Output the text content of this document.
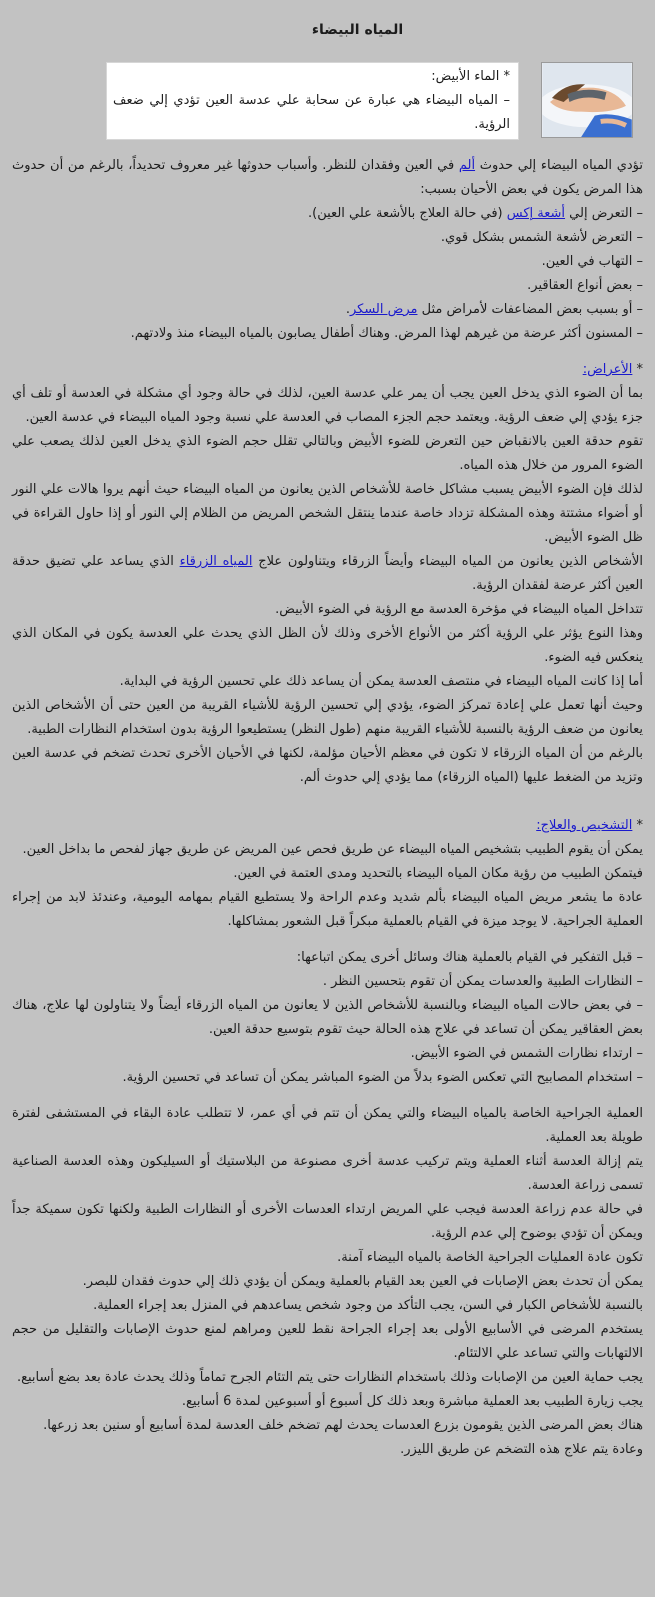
المياه البيضاء

* الماء الأبيض:

– المياه البيضاء هي عبارة عن سحابة علي عدسة العين تؤدي إلي ضعف الرؤية.

تؤدي المياه البيضاء إلي حدوث ألم في العين وفقدان للنظر. وأسباب حدوثها غير معروف تحديداً، بالرغم من أن حدوث هذا المرض يكون في بعض الأحيان بسبب:

– التعرض إلي أشعة إكس (في حالة العلاج بالأشعة علي العين).

– التعرض لأشعة الشمس بشكل قوي.

– التهاب في العين.

– بعض أنواع العقاقير.

– أو بسبب بعض المضاعفات لأمراض مثل مرض السكر.

– المسنون أكثر عرضة من غيرهم لهذا المرض. وهناك أطفال يصابون بالمياه البيضاء منذ ولادتهم.

* الأعراض:

بما أن الضوء الذي يدخل العين يجب أن يمر علي عدسة العين، لذلك في حالة وجود أي مشكلة في العدسة أو تلف أي جزء يؤدي إلي ضعف الرؤية. ويعتمد حجم الجزء المصاب في العدسة علي نسبة وجود المياه البيضاء في عدسة العين.

تقوم حدقة العين بالانقباض حين التعرض للضوء الأبيض وبالتالي تقلل حجم الضوء الذي يدخل العين لذلك يصعب علي الضوء المرور من خلال هذه المياه.

لذلك فإن الضوء الأبيض يسبب مشاكل خاصة للأشخاص الذين يعانون من المياه البيضاء حيث أنهم يروا هالات علي النور أو أضواء مشتتة وهذه المشكلة تزداد خاصة عندما ينتقل الشخص المريض من الظلام إلي النور أو إذا حاول القراءة في ظل الضوء الأبيض.

الأشخاص الذين يعانون من المياه البيضاء وأيضاً الزرقاء ويتناولون علاج المياه الزرقاء الذي يساعد علي تضيق حدقة العين أكثر عرضة لفقدان الرؤية.

تتداخل المياه البيضاء في مؤخرة العدسة مع الرؤية في الضوء الأبيض.

وهذا النوع يؤثر علي الرؤية أكثر من الأنواع الأخرى وذلك لأن الظل الذي يحدث علي العدسة يكون في المكان الذي ينعكس فيه الضوء.

أما إذا كانت المياه البيضاء في منتصف العدسة يمكن أن يساعد ذلك علي تحسين الرؤية في البداية.

وحيث أنها تعمل علي إعادة تمركز الضوء، يؤدي إلي تحسين الرؤية للأشياء القريبة من العين حتى أن الأشخاص الذين يعانون من ضعف الرؤية بالنسبة للأشياء القريبة منهم (طول النظر) يستطيعوا الرؤية بدون استخدام النظارات الطبية.

بالرغم من أن المياه الزرقاء لا تكون في معظم الأحيان مؤلمة، لكنها في الأحيان الأخرى تحدث تضخم في عدسة العين وتزيد من الضغط عليها (المياه الزرقاء) مما يؤدي إلي حدوث ألم.

* التشخيص والعلاج:

يمكن أن يقوم الطبيب بتشخيص المياه البيضاء عن طريق فحص عين المريض عن طريق جهاز لفحص ما بداخل العين.

فيتمكن الطبيب من رؤية مكان المياه البيضاء بالتحديد ومدى العتمة في العين.

عادة ما يشعر مريض المياه البيضاء بألم شديد وعدم الراحة ولا يستطيع القيام بمهامه اليومية، وعندئذ لابد من إجراء العملية الجراحية. لا يوجد ميزة في القيام بالعملية مبكراً قبل الشعور بمشاكلها.

– قبل التفكير في القيام بالعملية هناك وسائل أخرى يمكن اتباعها:

– النظارات الطبية والعدسات يمكن أن تقوم بتحسين النظر .

– في بعض حالات المياه البيضاء وبالنسبة للأشخاص الذين لا يعانون من المياه الزرقاء أيضاً ولا يتناولون لها علاج، هناك بعض العقاقير يمكن أن تساعد في علاج هذه الحالة حيث تقوم بتوسيع حدقة العين.

– ارتداء نظارات الشمس في الضوء الأبيض.

– استخدام المصابيح التي تعكس الضوء بدلاً من الضوء المباشر يمكن أن تساعد في تحسين الرؤية.

العملية الجراحية الخاصة بالمياه البيضاء والتي يمكن أن تتم في أي عمر، لا تتطلب عادة البقاء في المستشفى لفترة طويلة بعد العملية.

يتم إزالة العدسة أثناء العملية ويتم تركيب عدسة أخرى مصنوعة من البلاستيك أو السيليكون وهذه العدسة الصناعية تسمى زراعة العدسة.

في حالة عدم زراعة العدسة فيجب علي المريض ارتداء العدسات الأخرى أو النظارات الطبية ولكنها تكون سميكة جداً ويمكن أن تؤدي بوضوح إلي عدم الرؤية.

تكون عادة العمليات الجراحية الخاصة بالمياه البيضاء آمنة.

يمكن أن تحدث بعض الإصابات في العين بعد القيام بالعملية ويمكن أن يؤدي ذلك إلي حدوث فقدان للبصر.

بالنسبة للأشخاص الكبار في السن، يجب التأكد من وجود شخص يساعدهم في المنزل بعد إجراء العملية.

يستخدم المرضى في الأسابيع الأولى بعد إجراء الجراحة نقط للعين ومراهم لمنع حدوث الإصابات والتقليل من حجم الالتهابات والتي تساعد علي الالتئام.

يجب حماية العين من الإصابات وذلك باستخدام النظارات حتى يتم التئام الجرح تماماً وذلك يحدث عادة بعد بضع أسابيع.

يجب زيارة الطبيب بعد العملية مباشرة وبعد ذلك كل أسبوع أو أسبوعين لمدة 6 أسابيع.

هناك بعض المرضى الذين يقومون بزرع العدسات يحدث لهم تضخم خلف العدسة لمدة أسابيع أو سنين بعد زرعها.

وعادة يتم علاج هذه التضخم عن طريق الليزر.
